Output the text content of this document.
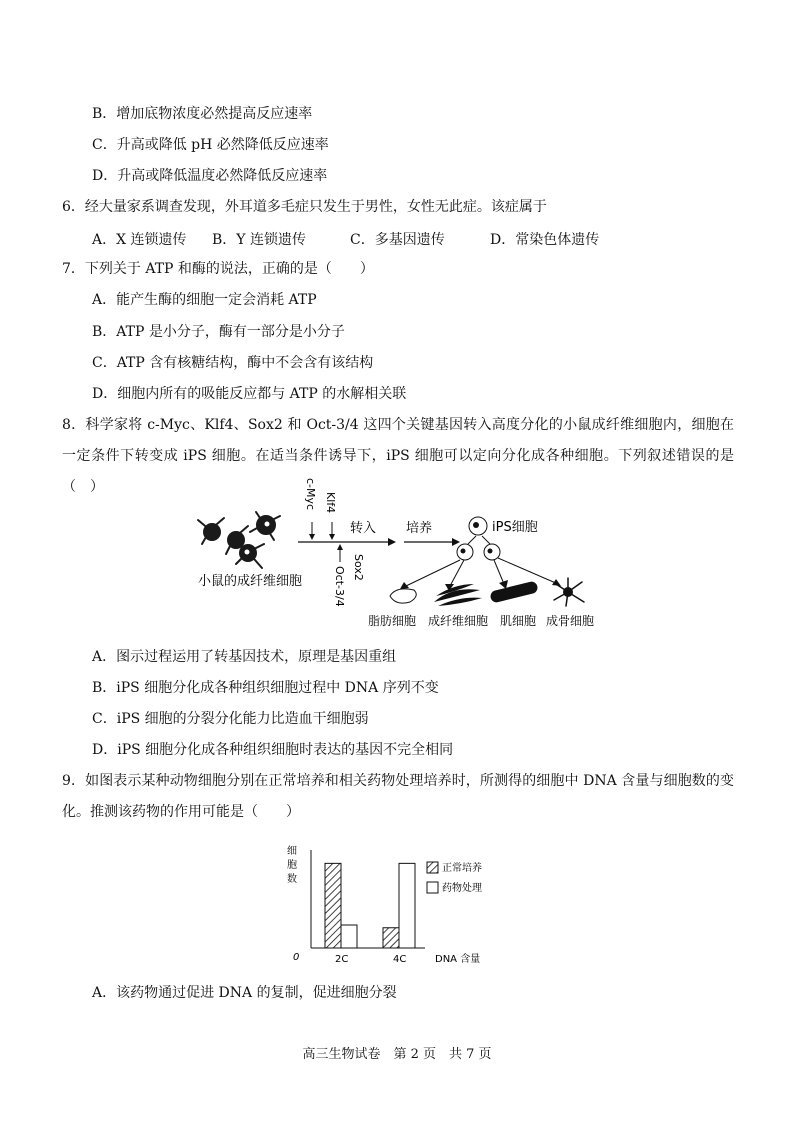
B．增加底物浓度必然提高反应速率
C．升高或降低 pH 必然降低反应速率
D．升高或降低温度必然降低反应速率
6．经大量家系调查发现，外耳道多毛症只发生于男性，女性无此症。该症属于
A．X 连锁遗传 B．Y 连锁遗传	C．多基因遗传	D．常染色体遗传
7．下列关于 ATP 和酶的说法，正确的是（　　）
A．能产生酶的细胞一定会消耗 ATP
B．ATP 是小分子，酶有一部分是小分子
C．ATP 含有核糖结构，酶中不会含有该结构
D．细胞内所有的吸能反应都与 ATP 的水解相关联
8．科学家将 c-Myc、Klf4、Sox2 和 Oct-3/4 这四个关键基因转入高度分化的小鼠成纤维细胞内，细胞在一定条件下转变成 iPS 细胞。在适当条件诱导下，iPS 细胞可以定向分化成各种细胞。下列叙述错误的是（　）
小鼠的成纤维细胞
c-Myc Klf4
Sox2
Oct-3/4
转入 培养	iPS细胞
脂肪细胞 成纤维细胞 肌细胞 成骨细胞
A．图示过程运用了转基因技术，原理是基因重组
B．iPS 细胞分化成各种组织细胞过程中 DNA 序列不变
C．iPS 细胞的分裂分化能力比造血干细胞弱
D．iPS 细胞分化成各种组织细胞时表达的基因不完全相同
9．如图表示某种动物细胞分别在正常培养和相关药物处理培养时，所测得的细胞中 DNA 含量与细胞数的变化。推测该药物的作用可能是（　　）
细
胞
数
0	DNA 含量
2C	4C
正常培养
药物处理
A．该药物通过促进 DNA 的复制，促进细胞分裂
高三生物试卷　第 2 页　共 7 页
